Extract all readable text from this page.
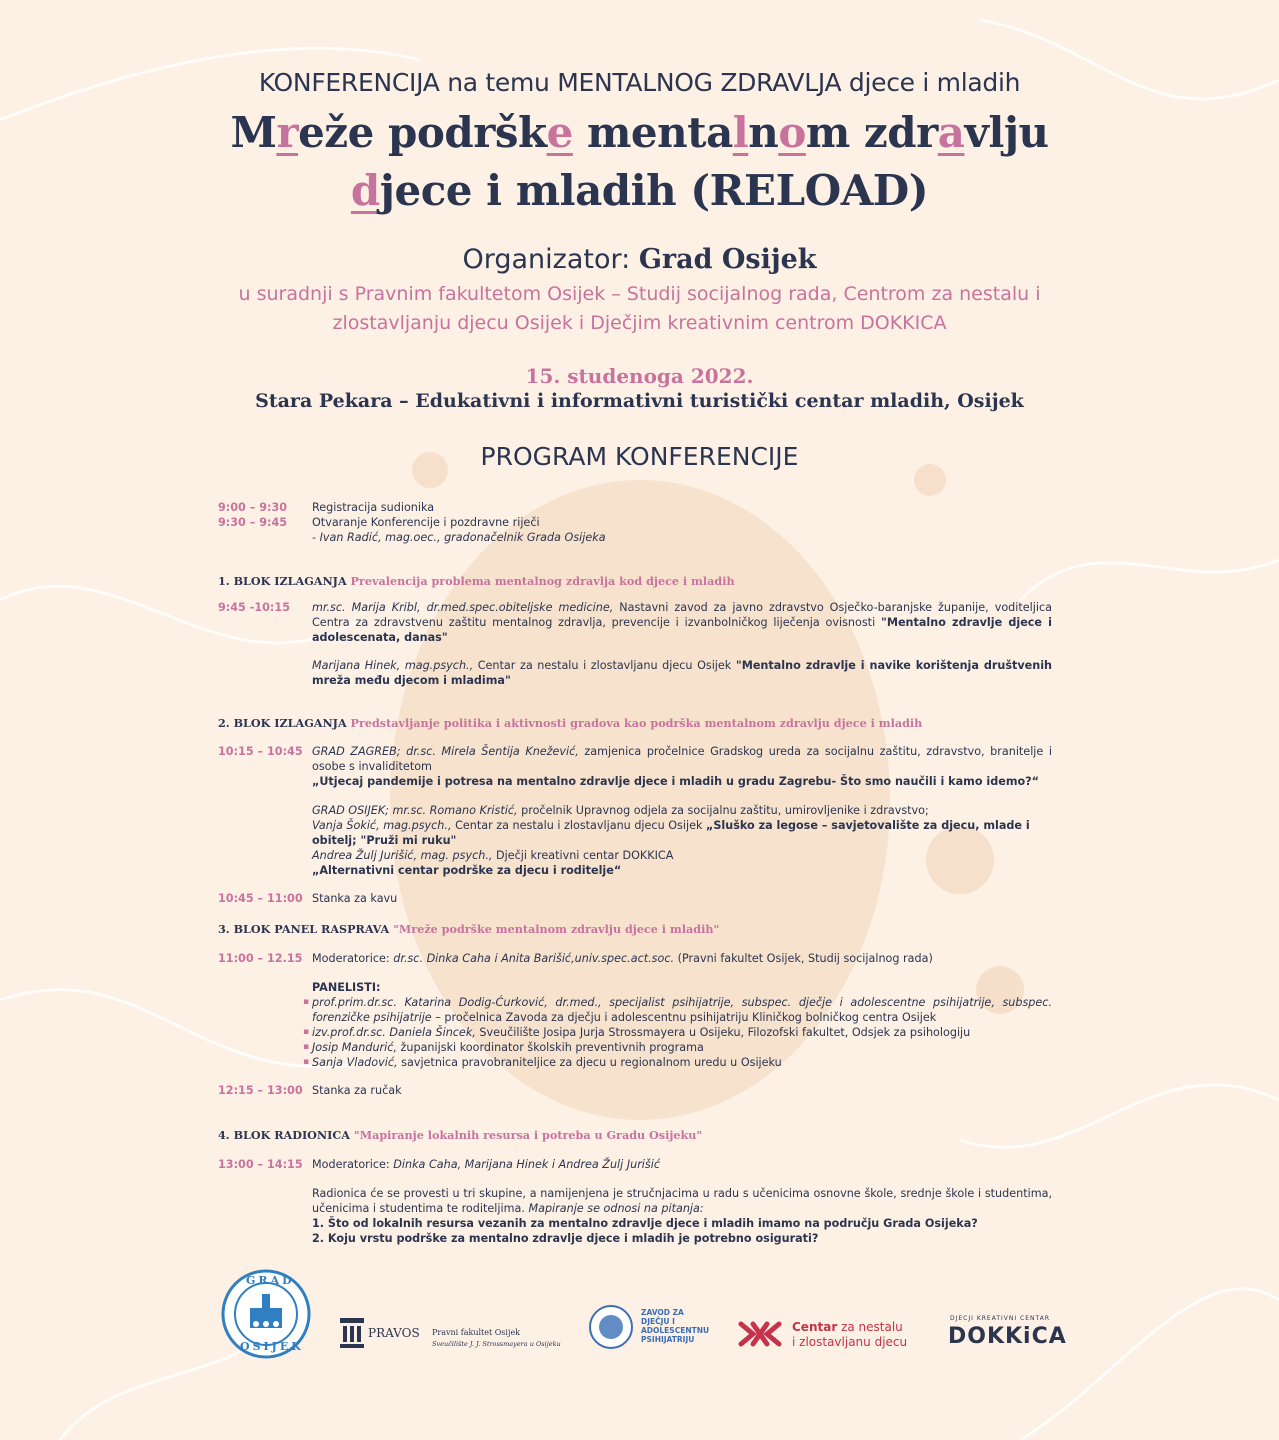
KONFERENCIJA na temu MENTALNOG ZDRAVLJA djece i mladih
Mreže podrške mentalnom zdravlju
djece i mladih (RELOAD)
Organizator: Grad Osijek
u suradnji s Pravnim fakultetom Osijek – Studij socijalnog rada, Centrom za nestalu i
zlostavljanju djecu Osijek i Dječjim kreativnim centrom DOKKICA
15. studenoga 2022.
Stara Pekara – Edukativni i informativni turistički centar mladih, Osijek
PROGRAM KONFERENCIJE
9:00 – 9:30 Registracija sudionika
9:30 – 9:45 Otvaranje Konferencije i pozdravne riječi
- Ivan Radić, mag.oec., gradonačelnik Grada Osijeka
1. BLOK IZLAGANJA Prevalencija problema mentalnog zdravlja kod djece i mladih
9:45 -10:15 mr.sc. Marija Kribl, dr.med.spec.obiteljske medicine, Nastavni zavod za javno zdravstvo Osječko-baranjske županije, voditeljica Centra za zdravstvenu zaštitu mentalnog zdravlja, prevencije i izvanbolničkog liječenja ovisnosti "Mentalno zdravlje djece i adolescenata, danas"
Marijana Hinek, mag.psych., Centar za nestalu i zlostavljanu djecu Osijek "Mentalno zdravlje i navike korištenja društvenih mreža među djecom i mladima"
2. BLOK IZLAGANJA Predstavljanje politika i aktivnosti gradova kao podrška mentalnom zdravlju djece i mladih
10:15 – 10:45 GRAD ZAGREB; dr.sc. Mirela Šentija Knežević, zamjenica pročelnice Gradskog ureda za socijalnu zaštitu, zdravstvo, branitelje i osobe s invaliditetom
„Utjecaj pandemije i potresa na mentalno zdravlje djece i mladih u gradu Zagrebu- Što smo naučili i kamo idemo?“
GRAD OSIJEK; mr.sc. Romano Kristić, pročelnik Upravnog odjela za socijalnu zaštitu, umirovljenike i zdravstvo;
Vanja Šokić, mag.psych., Centar za nestalu i zlostavljanu djecu Osijek „Sluško za legose – savjetovalište za djecu, mlade i obitelj; "Pruži mi ruku"
Andrea Žulj Jurišić, mag. psych., Dječji kreativni centar DOKKICA
„Alternativni centar podrške za djecu i roditelje“
10:45 – 11:00 Stanka za kavu
3. BLOK PANEL RASPRAVA "Mreže podrške mentalnom zdravlju djece i mladih"
11:00 – 12.15 Moderatorice: dr.sc. Dinka Caha i Anita Barišić,univ.spec.act.soc. (Pravni fakultet Osijek, Studij socijalnog rada)
PANELISTI:
▪ prof.prim.dr.sc. Katarina Dodig-Ćurković, dr.med., specijalist psihijatrije, subspec. dječje i adolescentne psihijatrije, subspec. forenzičke psihijatrije – pročelnica Zavoda za dječju i adolescentnu psihijatriju Kliničkog bolničkog centra Osijek
▪ izv.prof.dr.sc. Daniela Šincek, Sveučilište Josipa Jurja Strossmayera u Osijeku, Filozofski fakultet, Odsjek za psihologiju
▪ Josip Mandurić, županijski koordinator školskih preventivnih programa
▪ Sanja Vladović, savjetnica pravobraniteljice za djecu u regionalnom uredu u Osijeku
12:15 – 13:00 Stanka za ručak
4. BLOK RADIONICA "Mapiranje lokalnih resursa i potreba u Gradu Osijeku"
13:00 – 14:15 Moderatorice: Dinka Caha, Marijana Hinek i Andrea Žulj Jurišić
Radionica će se provesti u tri skupine, a namijenjena je stručnjacima u radu s učenicima osnovne škole, srednje škole i studentima, učenicima i studentima te roditeljima. Mapiranje se odnosi na pitanja:
1. Što od lokalnih resursa vezanih za mentalno zdravlje djece i mladih imamo na području Grada Osijeka?
2. Koju vrstu podrške za mentalno zdravlje djece i mladih je potrebno osigurati?
GRAD
OSIJEK
PRAVOS Pravni fakultet Osijek
Sveučilište J. J. Strossmayera u Osijeku
ZAVOD ZA
DJEČJU I
ADOLESCENTNU
PSIHIJATRIJU
Centar za nestalu
i zlostavljanu djecu
DJECJI KREATIVNI CENTAR
DOKKiCA
